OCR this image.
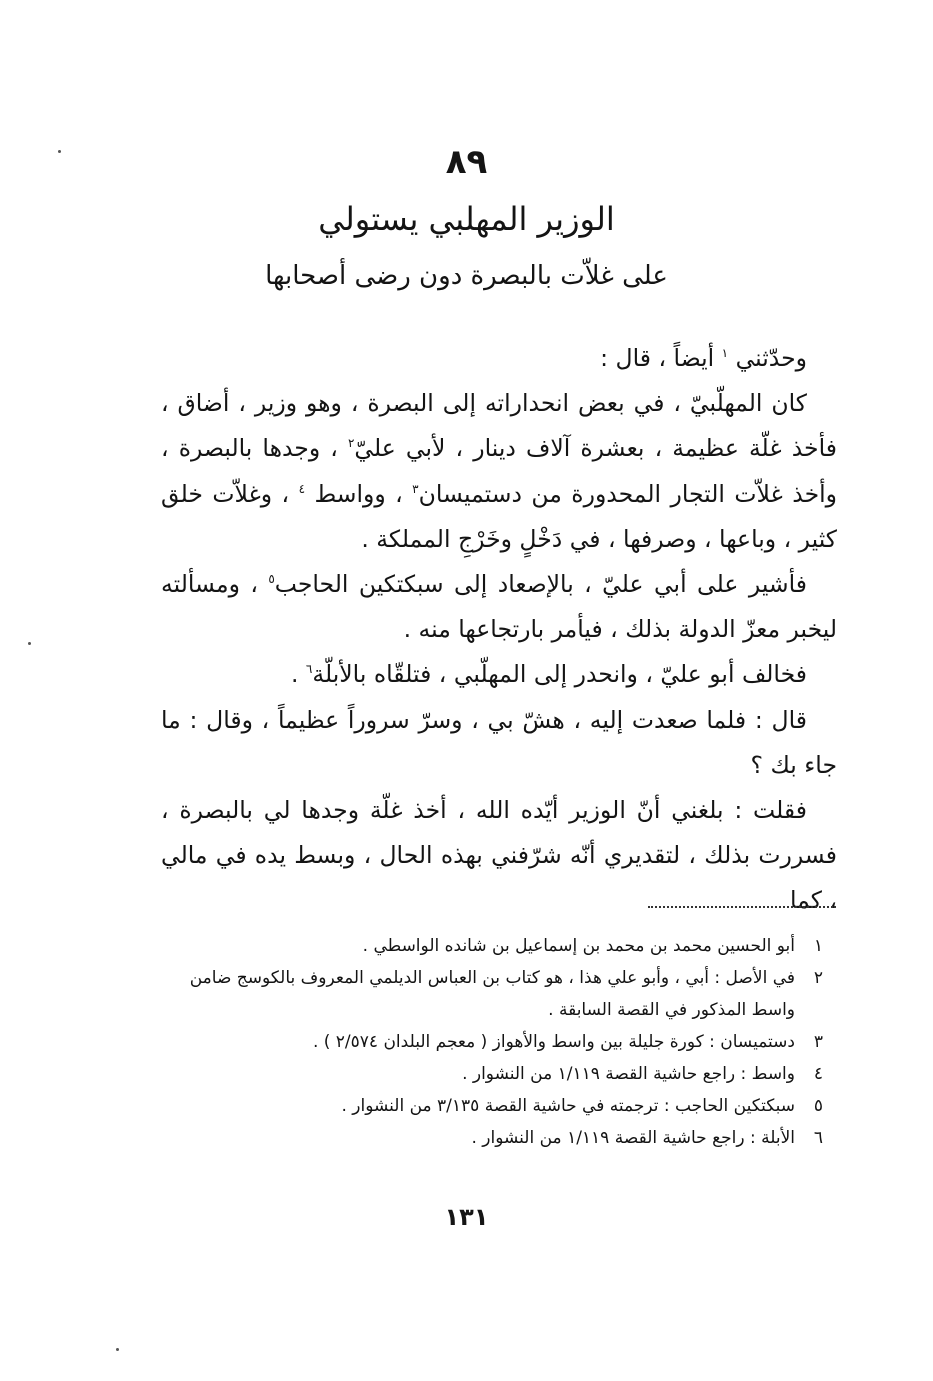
٨٩
الوزير المهلبي يستولي
على غلاّت بالبصرة دون رضى أصحابها

وحدّثني $^١$ أيضاً ، قال :

كان المهلّبيّ ، في بعض انحداراته إلى البصرة ، وهو وزير ، أضاق ، فأخذ غلّة عظيمة ، بعشرة آلاف دينار ، لأبي عليّ$^٢$ ، وجدها بالبصرة ، وأخذ غلاّت التجار المحدورة من دستميسان$^٣$ ، وواسط $^٤$ ، وغلاّت خلق كثير ، وباعها ، وصرفها ، في دَخْلٍ وخَرْجِ المملكة .

فأشير على أبي عليّ ، بالإصعاد إلى سبكتكين الحاجب$^٥$ ، ومسألته ليخبر معزّ الدولة بذلك ، فيأمر بارتجاعها منه .

فخالف أبو عليّ ، وانحدر إلى المهلّبي ، فتلقّاه بالأبلّة$^٦$ .

قال : فلما صعدت إليه ، هشّ بي ، وسرّ سروراً عظيماً ، وقال : ما جاء بك ؟

فقلت : بلغني أنّ الوزير أيّده الله ، أخذ غلّة وجدها لي بالبصرة ، فسررت بذلك ، لتقديري أنّه شرّفني بهذه الحال ، وبسط يده في مالي ، كما

١
أبو الحسين محمد بن محمد بن إسماعيل بن شانده الواسطي .
٢
في الأصل : أبي ، وأبو علي هذا ، هو كتاب بن العباس الديلمي المعروف بالكوسج ضامن واسط المذكور في القصة السابقة .
٣
دستميسان : كورة جليلة بين واسط والأهواز ( معجم البلدان ٢/٥٧٤ ) .
٤
واسط : راجع حاشية القصة ١/١١٩ من النشوار .
٥
سبكتكين الحاجب : ترجمته في حاشية القصة ٣/١٣٥ من النشوار .
٦
الأبلة : راجع حاشية القصة ١/١١٩ من النشوار .
١٣١
